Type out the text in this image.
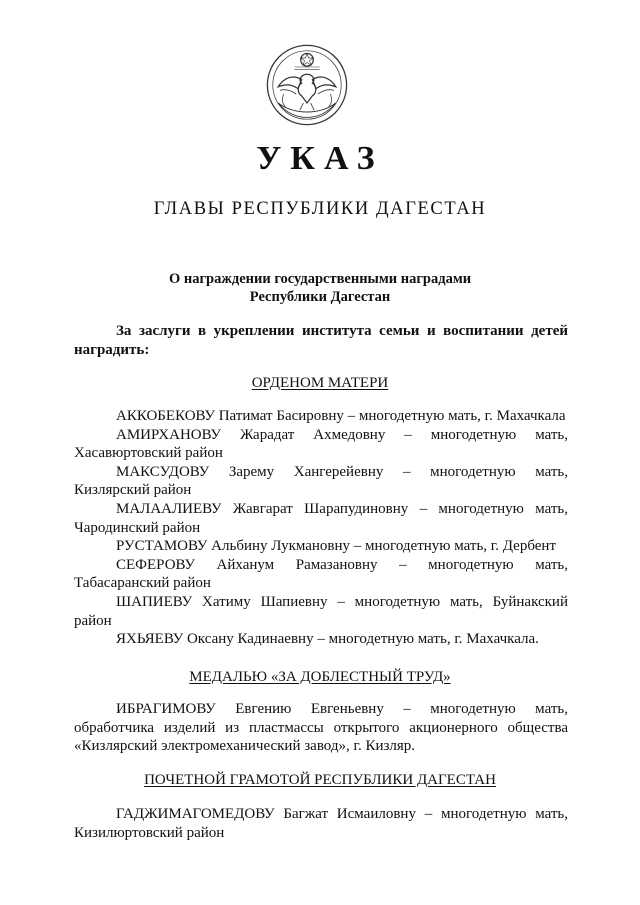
УКАЗ
ГЛАВЫ РЕСПУБЛИКИ ДАГЕСТАН
О награждении государственными наградами
Республики Дагестан

За заслуги в укреплении института семьи и воспитании детей наградить:

ОРДЕНОМ МАТЕРИ

АККОБЕКОВУ Патимат Басировну – многодетную мать, г. Махачкала

АМИРХАНОВУ Жарадат Ахмедовну – многодетную мать, Хасавюртовский район

МАКСУДОВУ Зарему Хангерейевну – многодетную мать, Кизлярский район

МАЛААЛИЕВУ Жавгарат Шарапудиновну – многодетную мать, Чародинский район

РУСТАМОВУ Альбину Лукмановну – многодетную мать, г. Дербент

СЕФЕРОВУ Айханум Рамазановну – многодетную мать, Табасаранский район

ШАПИЕВУ Хатиму Шапиевну – многодетную мать, Буйнакский район

ЯХЬЯЕВУ Оксану Кадинаевну – многодетную мать, г. Махачкала.

МЕДАЛЬЮ «ЗА ДОБЛЕСТНЫЙ ТРУД»

ИБРАГИМОВУ Евгению Евгеньевну – многодетную мать, обработчика изделий из пластмассы открытого акционерного общества «Кизлярский электромеханический завод», г. Кизляр.

ПОЧЕТНОЙ ГРАМОТОЙ РЕСПУБЛИКИ ДАГЕСТАН

ГАДЖИМАГОМЕДОВУ Багжат Исмаиловну – многодетную мать, Кизилюртовский район
